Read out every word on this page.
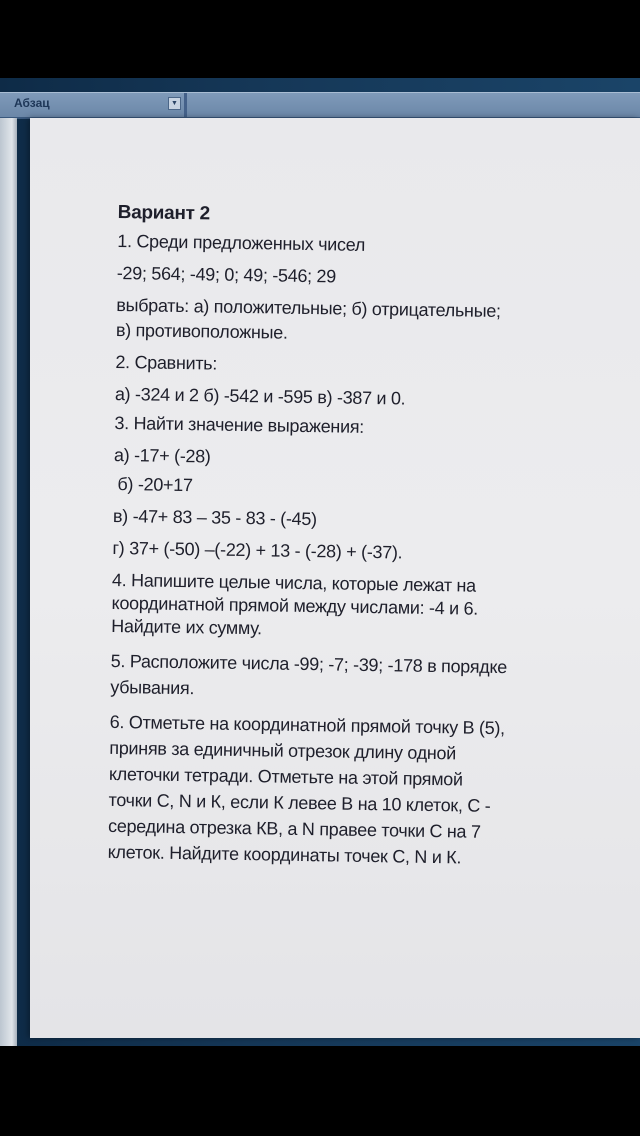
Абзац	▼
Вариант 2
1. Среди предложенных чисел
-29; 564; -49; 0; 49; -546; 29
выбрать: а) положительные; б) отрицательные;
в) противоположные.
2. Сравнить:
а) -324 и 2 б) -542 и -595 в) -387 и 0.
3. Найти значение выражения:
а) -17+ (-28)
б) -20+17
в) -47+ 83 – 35 - 83 - (-45)
г) 37+ (-50) –(-22) + 13 - (-28) + (-37).
4. Напишите целые числа, которые лежат на
координатной прямой между числами: -4 и 6.
Найдите их сумму.
5. Расположите числа -99; -7; -39; -178 в порядке
убывания.
6. Отметьте на координатной прямой точку В (5),
приняв за единичный отрезок длину одной
клеточки тетради. Отметьте на этой прямой
точки С, N и К, если К левее В на 10 клеток, С -
середина отрезка КВ, а N правее точки С на 7
клеток. Найдите координаты точек С, N и К.
